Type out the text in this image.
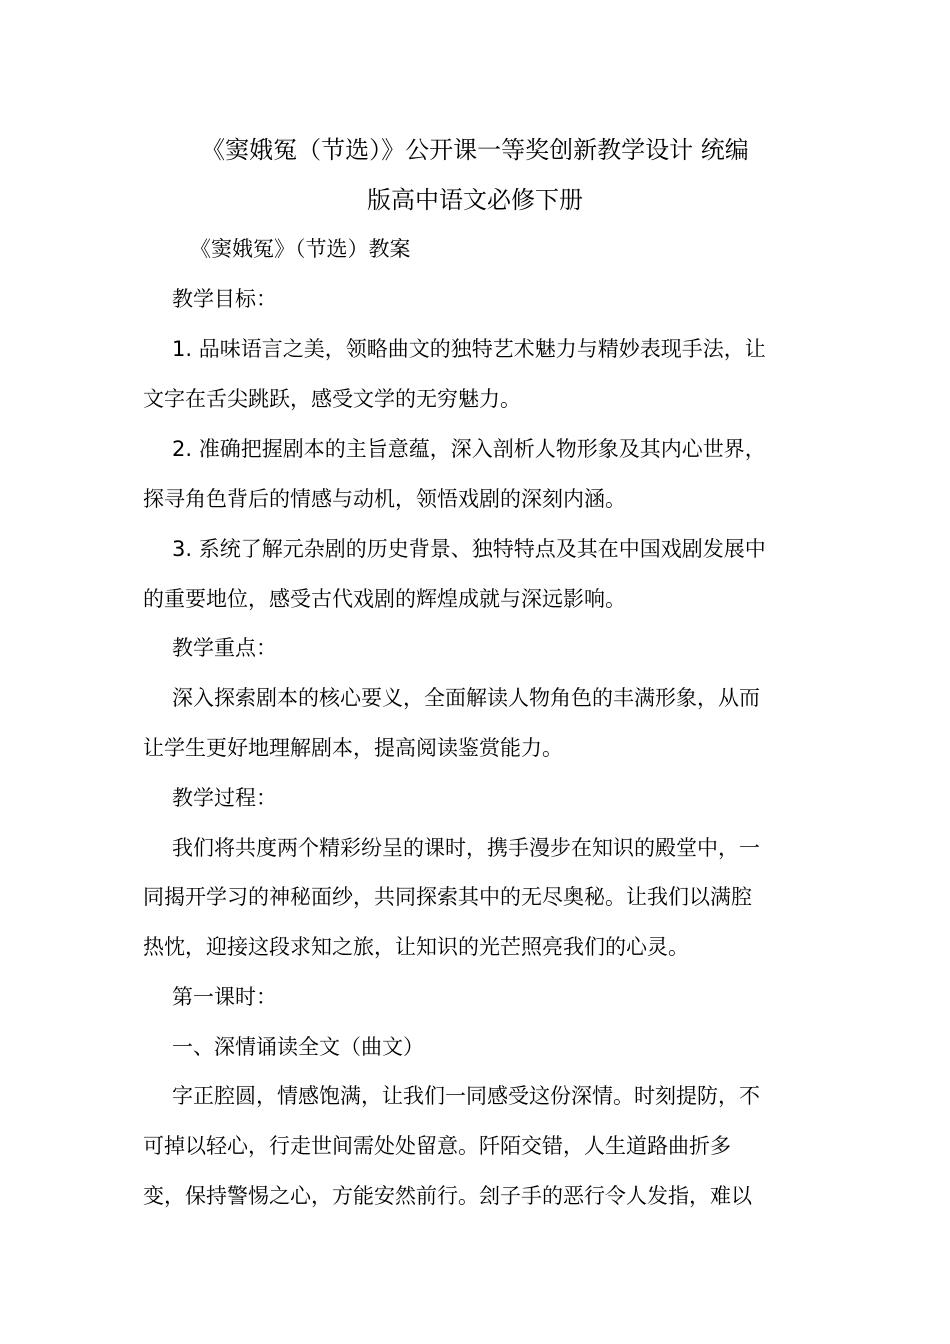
《窦娥冤（节选）》公开课一等奖创新教学设计 统编
版高中语文必修下册
《窦娥冤》（节选）教案
教学目标：
1. 品味语言之美，领略曲文的独特艺术魅力与精妙表现手法，让
文字在舌尖跳跃，感受文学的无穷魅力。
2. 准确把握剧本的主旨意蕴，深入剖析人物形象及其内心世界，
探寻角色背后的情感与动机，领悟戏剧的深刻内涵。
3. 系统了解元杂剧的历史背景、独特特点及其在中国戏剧发展中
的重要地位，感受古代戏剧的辉煌成就与深远影响。
教学重点：
深入探索剧本的核心要义，全面解读人物角色的丰满形象，从而
让学生更好地理解剧本，提高阅读鉴赏能力。
教学过程：
我们将共度两个精彩纷呈的课时，携手漫步在知识的殿堂中，一
同揭开学习的神秘面纱，共同探索其中的无尽奥秘。让我们以满腔
热忱，迎接这段求知之旅，让知识的光芒照亮我们的心灵。
第一课时：
一、深情诵读全文（曲文）
字正腔圆，情感饱满，让我们一同感受这份深情。时刻提防，不
可掉以轻心，行走世间需处处留意。阡陌交错，人生道路曲折多
变，保持警惕之心，方能安然前行。刽子手的恶行令人发指，难以
